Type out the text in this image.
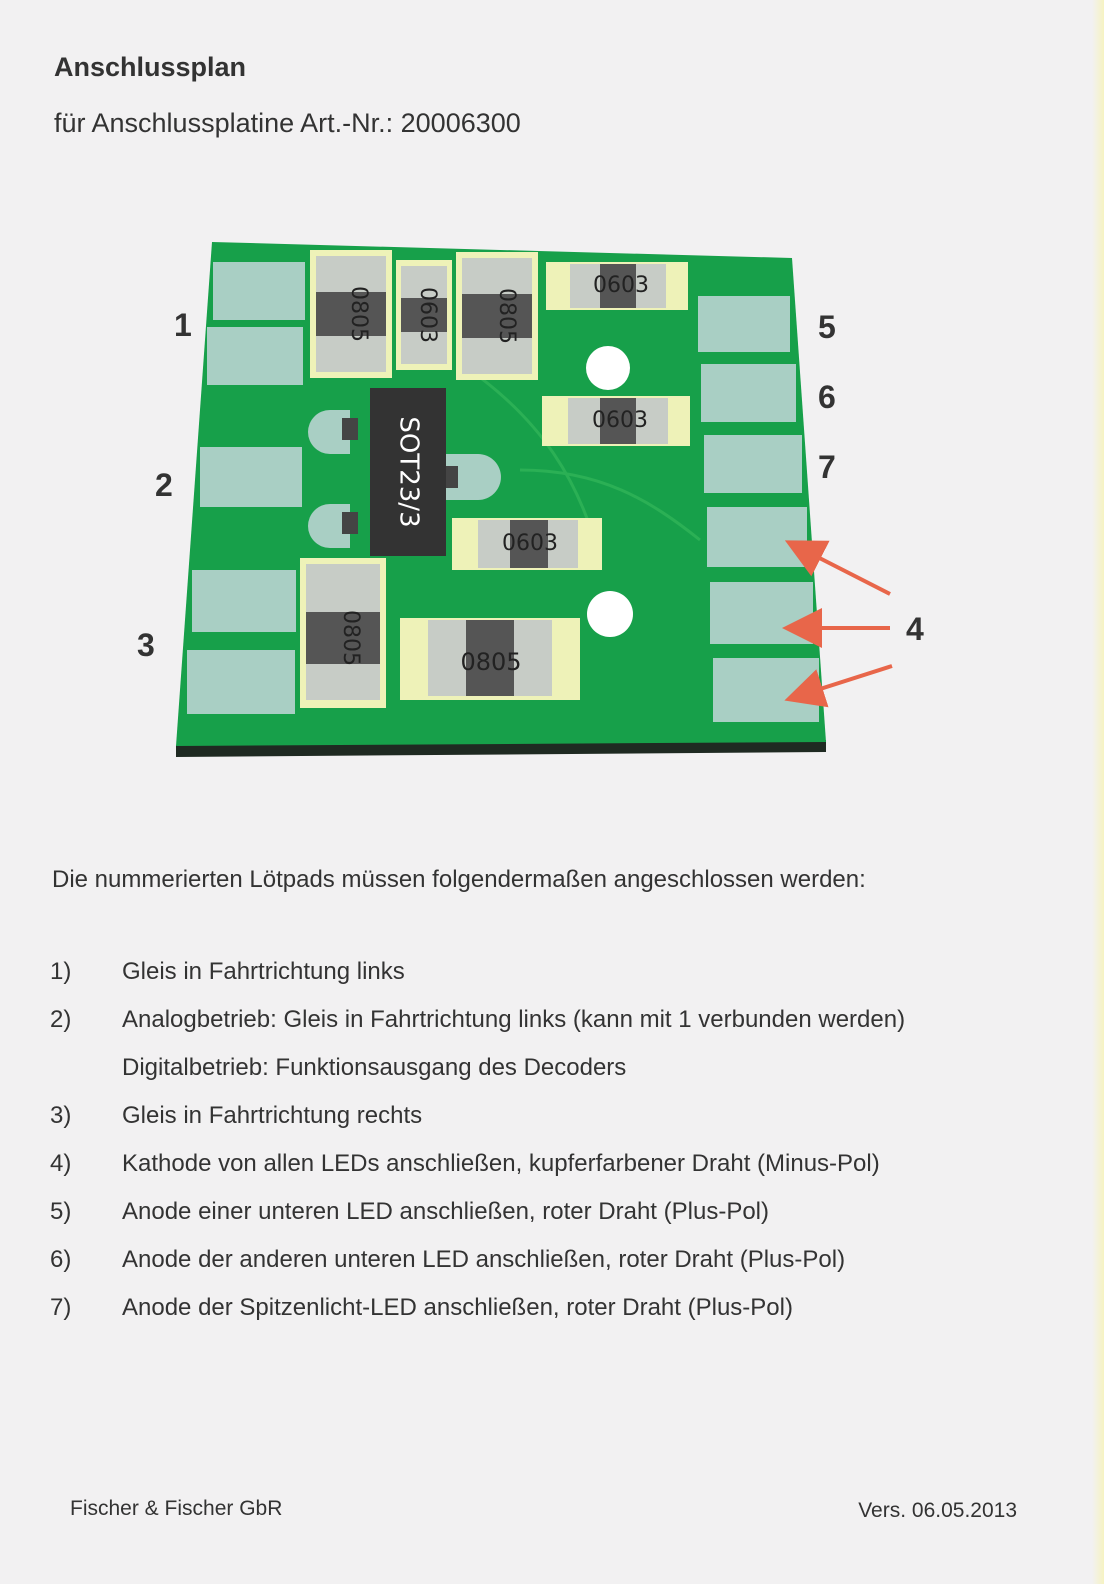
Anschlussplan
für Anschlussplatine Art.-Nr.: 20006300
0805 0603 0805
0603
0603
SOT23/3
0603
0805	0805
1
2
3	4
5
6
7
Die nummerierten Lötpads müssen folgendermaßen angeschlossen werden:
1) Gleis in Fahrtrichtung links
2) Analogbetrieb: Gleis in Fahrtrichtung links (kann mit 1 verbunden werden)
Digitalbetrieb: Funktionsausgang des Decoders
3) Gleis in Fahrtrichtung rechts
4) Kathode von allen LEDs anschließen, kupferfarbener Draht (Minus-Pol)
5) Anode einer unteren LED anschließen, roter Draht (Plus-Pol)
6) Anode der anderen unteren LED anschließen, roter Draht (Plus-Pol)
7) Anode der Spitzenlicht-LED anschließen, roter Draht (Plus-Pol)
Fischer & Fischer GbR	Vers. 06.05.2013
